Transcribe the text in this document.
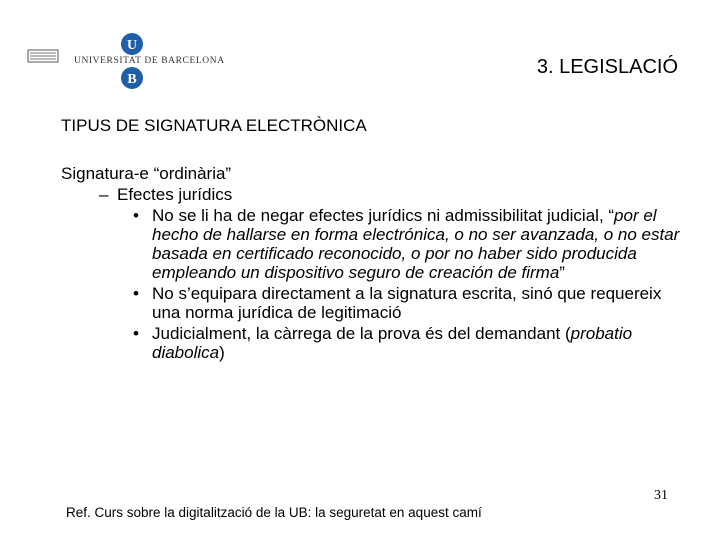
U
B
UNIVERSITAT DE BARCELONA	3. LEGISLACIÓ
TIPUS DE SIGNATURA ELECTRÒNICA
Signatura-e “ordinària”
– Efectes jurídics
• No se li ha de negar efectes jurídics ni admissibilitat judicial, “por el hecho de hallarse en forma electrónica, o no ser avanzada, o no estar basada en certificado reconocido, o por no haber sido producida empleando un dispositivo seguro de creación de firma”
• No s’equipara directament a la signatura escrita, sinó que requereix una norma jurídica de legitimació
• Judicialment, la càrrega de la prova és del demandant (probatio diabolica)
31
Ref. Curs sobre la digitalització de la UB: la seguretat en aquest camí
